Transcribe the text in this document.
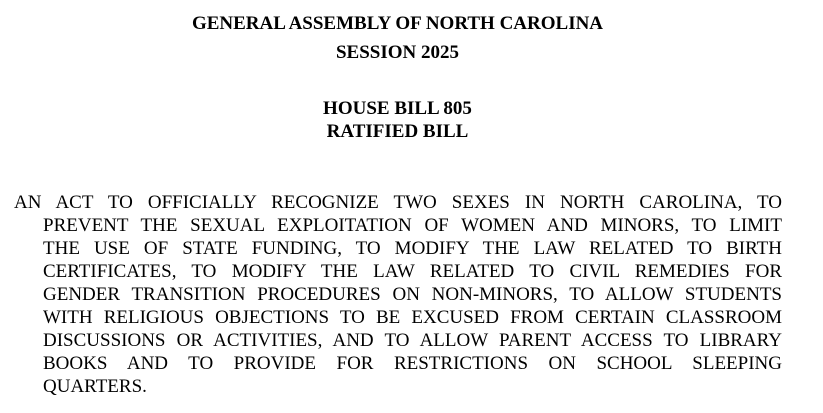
GENERAL ASSEMBLY OF NORTH CAROLINA
SESSION 2025
HOUSE BILL 805
RATIFIED BILL
AN ACT TO OFFICIALLY RECOGNIZE TWO SEXES IN NORTH CAROLINA, TO
PREVENT THE SEXUAL EXPLOITATION OF WOMEN AND MINORS, TO LIMIT
THE USE OF STATE FUNDING, TO MODIFY THE LAW RELATED TO BIRTH
CERTIFICATES, TO MODIFY THE LAW RELATED TO CIVIL REMEDIES FOR
GENDER TRANSITION PROCEDURES ON NON-MINORS, TO ALLOW STUDENTS
WITH RELIGIOUS OBJECTIONS TO BE EXCUSED FROM CERTAIN CLASSROOM
DISCUSSIONS OR ACTIVITIES, AND TO ALLOW PARENT ACCESS TO LIBRARY
BOOKS AND TO PROVIDE FOR RESTRICTIONS ON SCHOOL SLEEPING
QUARTERS.
